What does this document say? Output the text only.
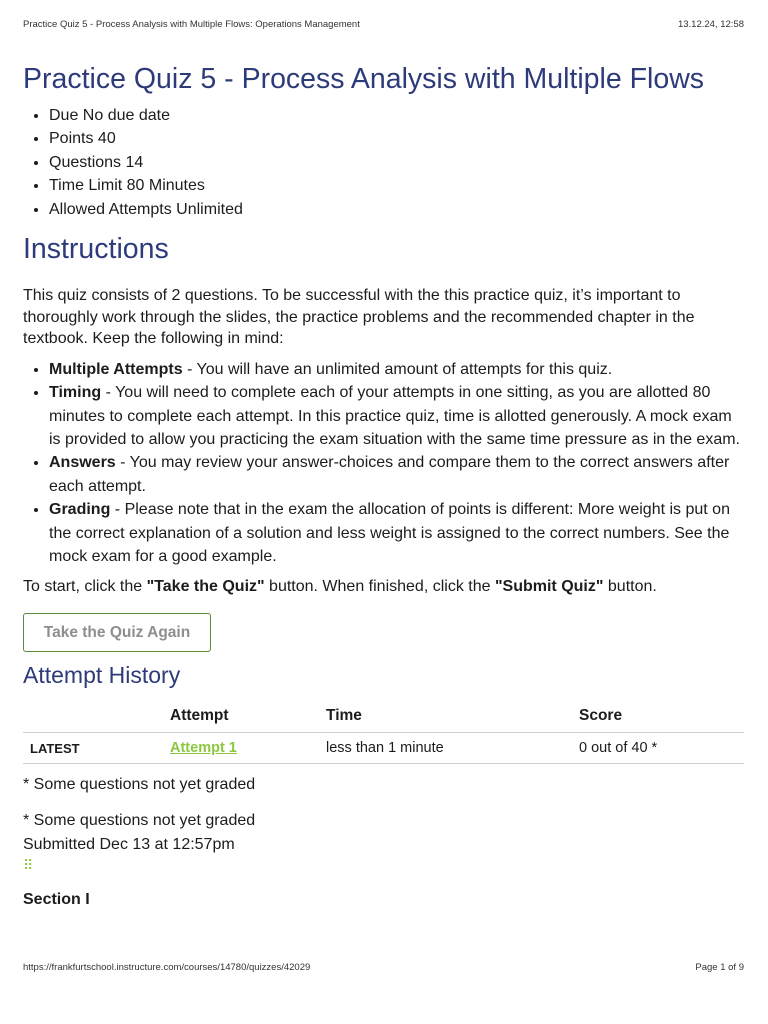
Practice Quiz 5 - Process Analysis with Multiple Flows: Operations Management	13.12.24, 12:58
Practice Quiz 5 - Process Analysis with Multiple Flows
• Due No due date
• Points 40
• Questions 14
• Time Limit 80 Minutes
• Allowed Attempts Unlimited
Instructions

This quiz consists of 2 questions. To be successful with the this practice quiz, it’s important to thoroughly work through the slides, the practice problems and the recommended chapter in the textbook. Keep the following in mind:

• Multiple Attempts - You will have an unlimited amount of attempts for this quiz.
• Timing - You will need to complete each of your attempts in one sitting, as you are allotted 80 minutes to complete each attempt. In this practice quiz, time is allotted generously. A mock exam is provided to allow you practicing the exam situation with the same time pressure as in the exam.
• Answers - You may review your answer-choices and compare them to the correct answers after each attempt.
• Grading - Please note that in the exam the allocation of points is different: More weight is put on the correct explanation of a solution and less weight is assigned to the correct numbers. See the mock exam for a good example.

To start, click the "Take the Quiz" button. When finished, click the "Submit Quiz" button.

Take the Quiz Again
Attempt History
	Attempt	Time	Score
LATEST	Attempt 1	less than 1 minute	0 out of 40 *

* Some questions not yet graded

* Some questions not yet graded

Submitted Dec 13 at 12:57pm

⠿
Section I
https://frankfurtschool.instructure.com/courses/14780/quizzes/42029	Page 1 of 9
